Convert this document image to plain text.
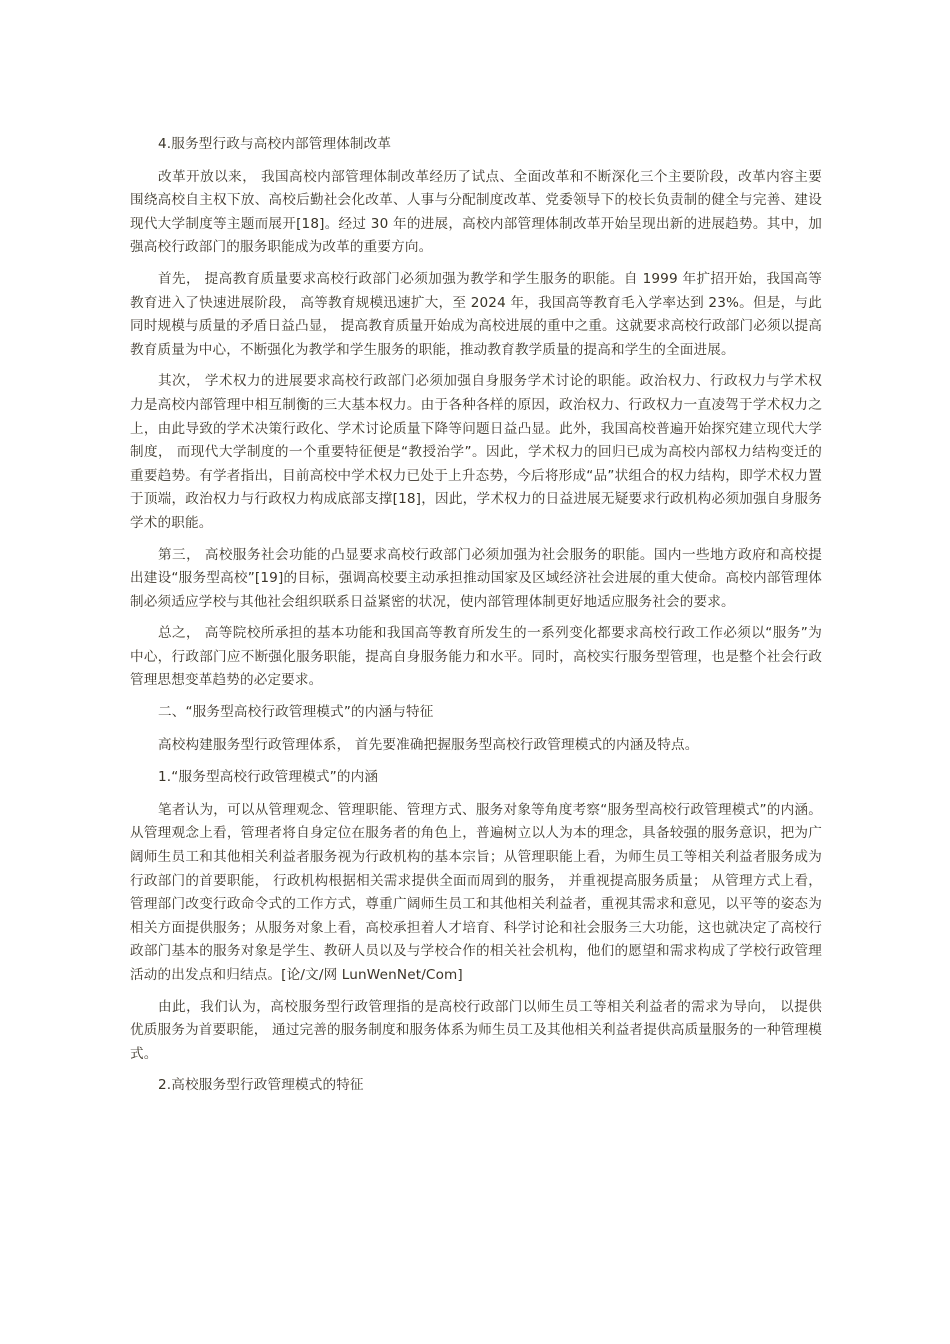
4.服务型行政与高校内部管理体制改革

改革开放以来， 我国高校内部管理体制改革经历了试点、全面改革和不断深化三个主要阶段，改革内容主要围绕高校自主权下放、高校后勤社会化改革、人事与分配制度改革、党委领导下的校长负责制的健全与完善、建设现代大学制度等主题而展开[18]。经过 30 年的进展，高校内部管理体制改革开始呈现出新的进展趋势。其中，加强高校行政部门的服务职能成为改革的重要方向。

首先， 提高教育质量要求高校行政部门必须加强为教学和学生服务的职能。自 1999 年扩招开始，我国高等教育进入了快速进展阶段， 高等教育规模迅速扩大，至 2024 年，我国高等教育毛入学率达到 23%。但是，与此同时规模与质量的矛盾日益凸显， 提高教育质量开始成为高校进展的重中之重。这就要求高校行政部门必须以提高教育质量为中心，不断强化为教学和学生服务的职能，推动教育教学质量的提高和学生的全面进展。

其次， 学术权力的进展要求高校行政部门必须加强自身服务学术讨论的职能。政治权力、行政权力与学术权力是高校内部管理中相互制衡的三大基本权力。由于各种各样的原因，政治权力、行政权力一直凌驾于学术权力之上，由此导致的学术决策行政化、学术讨论质量下降等问题日益凸显。此外，我国高校普遍开始探究建立现代大学制度， 而现代大学制度的一个重要特征便是“教授治学”。因此，学术权力的回归已成为高校内部权力结构变迁的重要趋势。有学者指出，目前高校中学术权力已处于上升态势，今后将形成“品”状组合的权力结构，即学术权力置于顶端，政治权力与行政权力构成底部支撑[18]，因此，学术权力的日益进展无疑要求行政机构必须加强自身服务学术的职能。

第三， 高校服务社会功能的凸显要求高校行政部门必须加强为社会服务的职能。国内一些地方政府和高校提出建设“服务型高校”[19]的目标，强调高校要主动承担推动国家及区域经济社会进展的重大使命。高校内部管理体制必须适应学校与其他社会组织联系日益紧密的状况，使内部管理体制更好地适应服务社会的要求。

总之， 高等院校所承担的基本功能和我国高等教育所发生的一系列变化都要求高校行政工作必须以“服务”为中心，行政部门应不断强化服务职能，提高自身服务能力和水平。同时，高校实行服务型管理，也是整个社会行政管理思想变革趋势的必定要求。

二、“服务型高校行政管理模式”的内涵与特征

高校构建服务型行政管理体系， 首先要准确把握服务型高校行政管理模式的内涵及特点。

1.“服务型高校行政管理模式”的内涵

笔者认为，可以从管理观念、管理职能、管理方式、服务对象等角度考察“服务型高校行政管理模式”的内涵。从管理观念上看，管理者将自身定位在服务者的角色上，普遍树立以人为本的理念，具备较强的服务意识，把为广阔师生员工和其他相关利益者服务视为行政机构的基本宗旨；从管理职能上看，为师生员工等相关利益者服务成为行政部门的首要职能， 行政机构根据相关需求提供全面而周到的服务， 并重视提高服务质量； 从管理方式上看，管理部门改变行政命令式的工作方式，尊重广阔师生员工和其他相关利益者，重视其需求和意见，以平等的姿态为相关方面提供服务；从服务对象上看，高校承担着人才培育、科学讨论和社会服务三大功能，这也就决定了高校行政部门基本的服务对象是学生、教研人员以及与学校合作的相关社会机构，他们的愿望和需求构成了学校行政管理活动的出发点和归结点。[论/文/网 LunWenNet/Com]

由此，我们认为，高校服务型行政管理指的是高校行政部门以师生员工等相关利益者的需求为导向， 以提供优质服务为首要职能， 通过完善的服务制度和服务体系为师生员工及其他相关利益者提供高质量服务的一种管理模式。

2.高校服务型行政管理模式的特征
